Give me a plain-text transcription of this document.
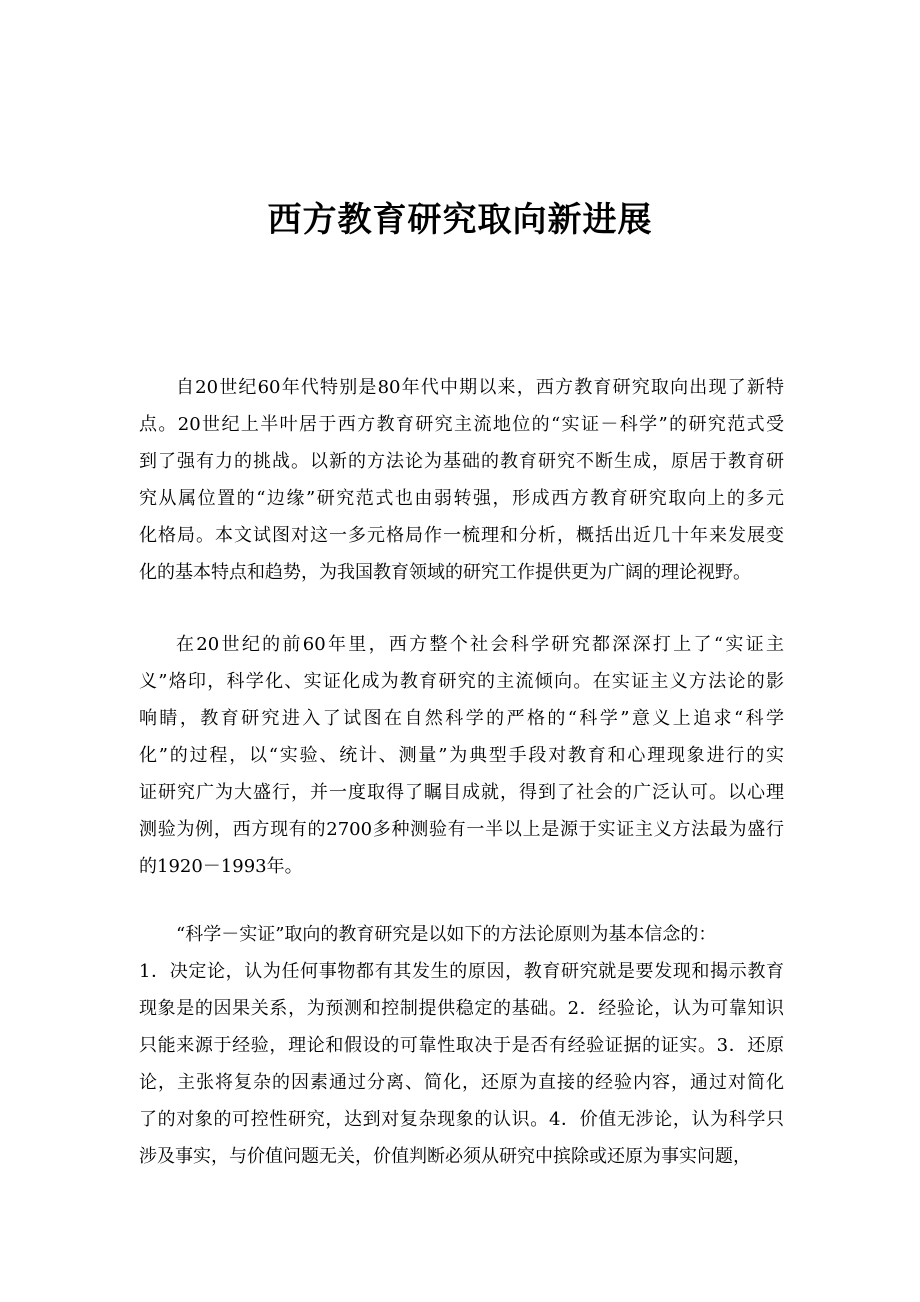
西方教育研究取向新进展
自20世纪60年代特别是80年代中期以来，西方教育研究取向出现了新特
点。20世纪上半叶居于西方教育研究主流地位的“实证－科学”的研究范式受
到了强有力的挑战。以新的方法论为基础的教育研究不断生成，原居于教育研
究从属位置的“边缘”研究范式也由弱转强，形成西方教育研究取向上的多元
化格局。本文试图对这一多元格局作一梳理和分析，概括出近几十年来发展变
化的基本特点和趋势，为我国教育领域的研究工作提供更为广阔的理论视野。
在20世纪的前60年里，西方整个社会科学研究都深深打上了“实证主
义”烙印，科学化、实证化成为教育研究的主流倾向。在实证主义方法论的影
响睛，教育研究进入了试图在自然科学的严格的“科学”意义上追求“科学
化”的过程，以“实验、统计、测量”为典型手段对教育和心理现象进行的实
证研究广为大盛行，并一度取得了瞩目成就，得到了社会的广泛认可。以心理
测验为例，西方现有的2700多种测验有一半以上是源于实证主义方法最为盛行
的1920－1993年。
“科学－实证”取向的教育研究是以如下的方法论原则为基本信念的：
1．决定论，认为任何事物都有其发生的原因，教育研究就是要发现和揭示教育
现象是的因果关系，为预测和控制提供稳定的基础。2．经验论，认为可靠知识
只能来源于经验，理论和假设的可靠性取决于是否有经验证据的证实。3．还原
论，主张将复杂的因素通过分离、简化，还原为直接的经验内容，通过对简化
了的对象的可控性研究，达到对复杂现象的认识。4．价值无涉论，认为科学只
涉及事实，与价值问题无关，价值判断必须从研究中摈除或还原为事实问题，
